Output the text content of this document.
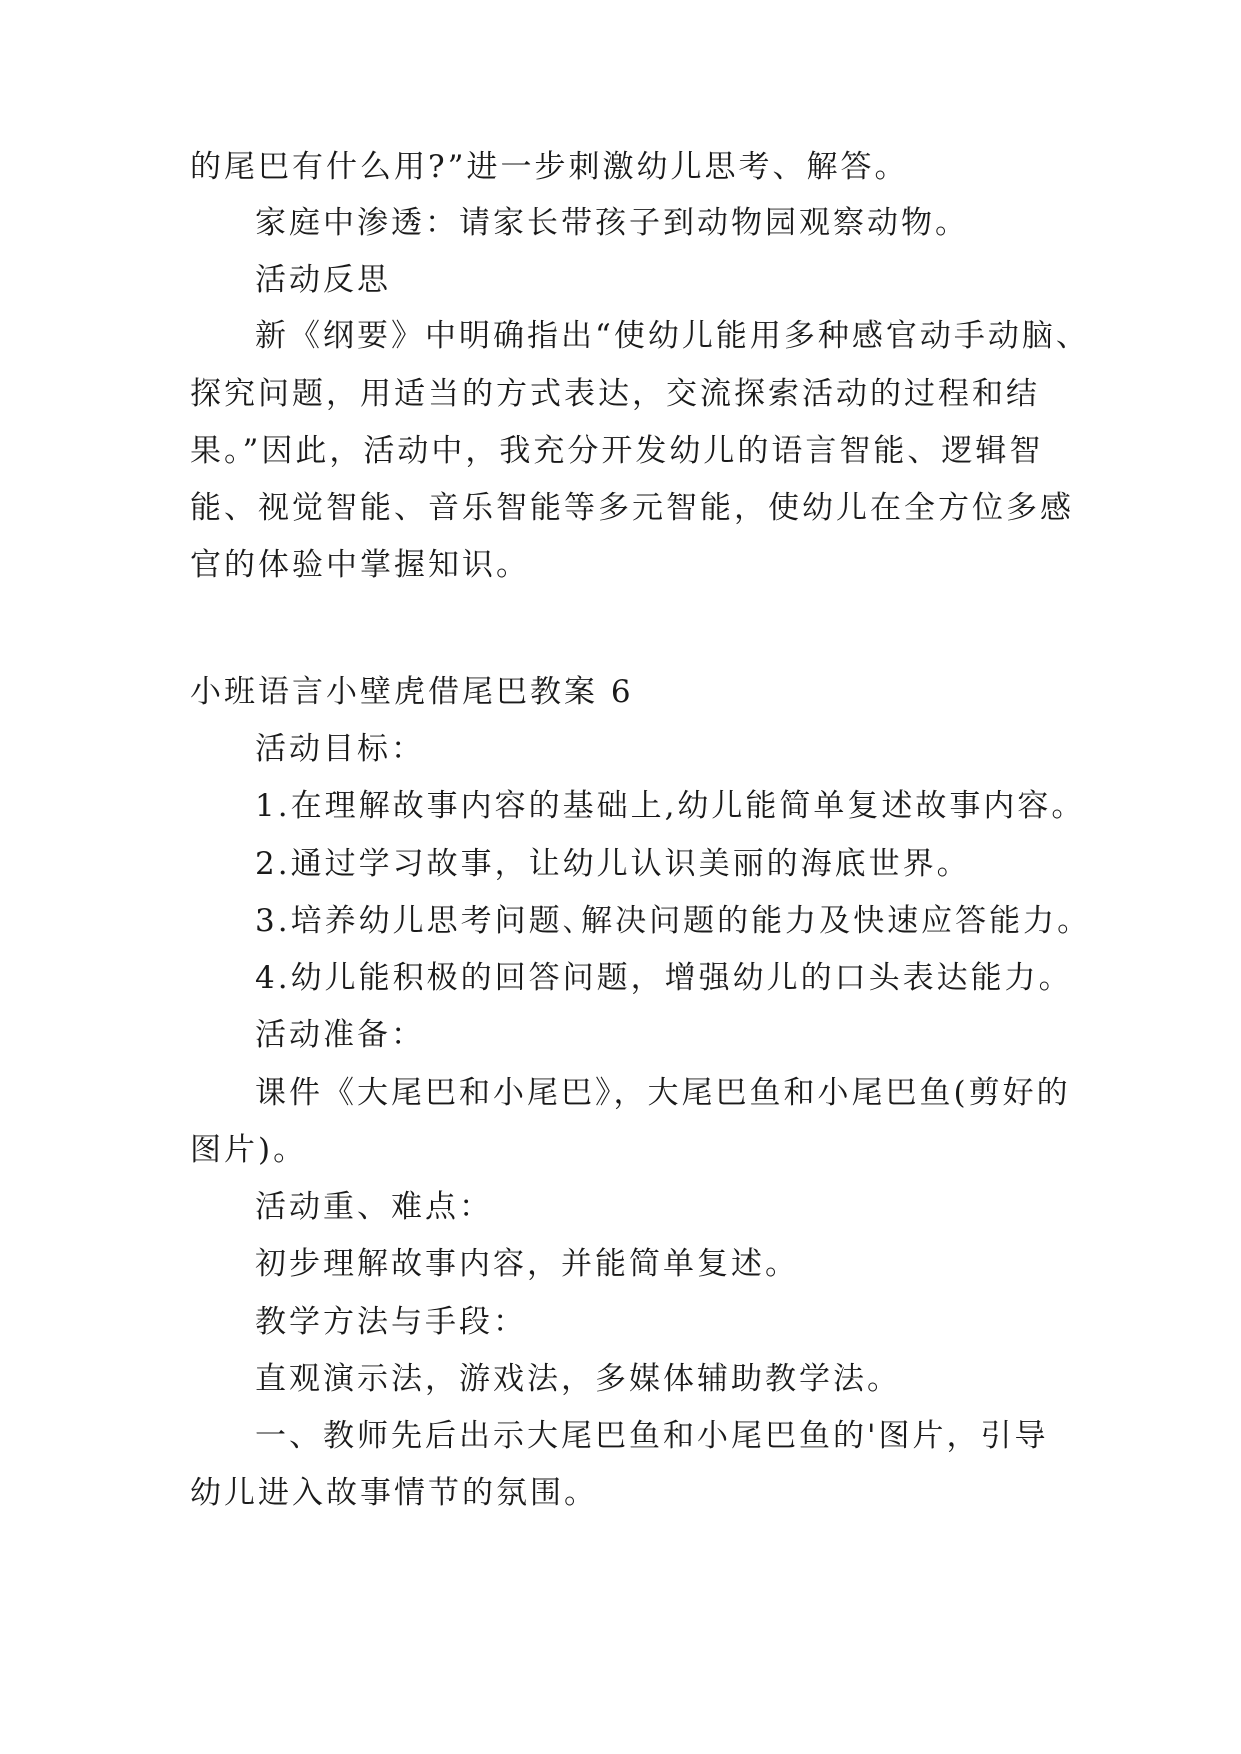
的尾巴有什么用?”进一步刺激幼儿思考、解答。
家庭中渗透：请家长带孩子到动物园观察动物。
活动反思
新《纲要》中明确指出“使幼儿能用多种感官动手动脑、
探究问题，用适当的方式表达，交流探索活动的过程和结
果。”因此，活动中，我充分开发幼儿的语言智能、逻辑智
能、视觉智能、音乐智能等多元智能，使幼儿在全方位多感
官的体验中掌握知识。
小班语言小壁虎借尾巴教案 6
活动目标：
1.在理解故事内容的基础上,幼儿能简单复述故事内容。
2.通过学习故事，让幼儿认识美丽的海底世界。
3.培养幼儿思考问题､解决问题的能力及快速应答能力。
4.幼儿能积极的回答问题，增强幼儿的口头表达能力。
活动准备：
课件《大尾巴和小尾巴》，大尾巴鱼和小尾巴鱼(剪好的
图片)。
活动重、难点：
初步理解故事内容，并能简单复述。
教学方法与手段：
直观演示法，游戏法，多媒体辅助教学法。
一、教师先后出示大尾巴鱼和小尾巴鱼的'图片，引导
幼儿进入故事情节的氛围。
